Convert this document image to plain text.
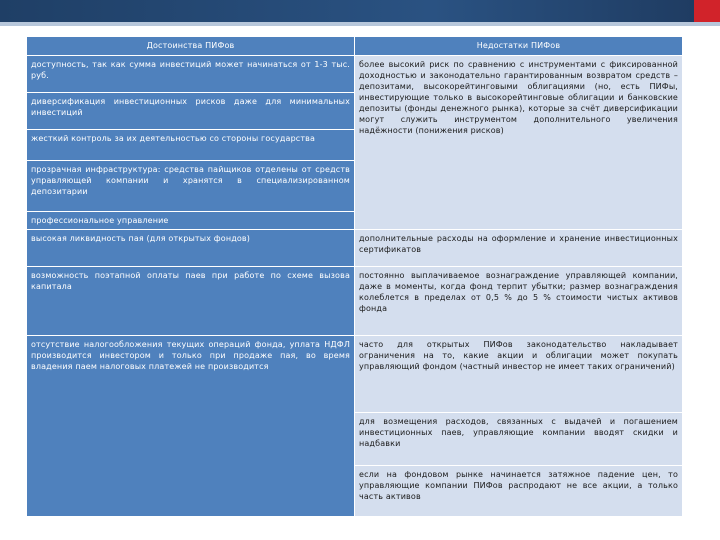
Достоинства ПИФов	Недостатки ПИФов
доступность, так как сумма инвестиций может начинаться от 1-3 тыс. руб.	более высокий риск по сравнению с инструментами с фиксированной доходностью и законодательно гарантированным возвратом средств – депозитами, высокорейтинговыми облигациями (но, есть ПИФы, инвестирующие только в высокорейтинговые облигации и банковские депозиты (фонды денежного рынка), которые за счёт диверсификации могут служить инструментом дополнительного увеличения надёжности (понижения рисков)
диверсификация инвестиционных рисков даже для минимальных инвестиций	
жесткий контроль за их деятельностью со стороны государства	
прозрачная инфраструктура: средства пайщиков отделены от средств управляющей компании и хранятся в специализированном депозитарии	
профессиональное управление	
высокая ликвидность пая (для открытых фондов)	дополнительные расходы на оформление и хранение инвестиционных сертификатов
возможность поэтапной оплаты паев при работе по схеме вызова капитала	постоянно выплачиваемое вознаграждение управляющей компании, даже в моменты, когда фонд терпит убытки; размер вознаграждения колеблется в пределах от 0,5 % до 5 % стоимости чистых активов фонда
отсутствие налогообложения текущих операций фонда, уплата НДФЛ производится инвестором и только при продаже пая, во время владения паем налоговых платежей не производится	часто для открытых ПИФов законодательство накладывает ограничения на то, какие акции и облигации может покупать управляющий фондом (частный инвестор не имеет таких ограничений)
	для возмещения расходов, связанных с выдачей и погашением инвестиционных паев, управляющие компании вводят скидки и надбавки
	если на фондовом рынке начинается затяжное падение цен, то управляющие компании ПИФов распродают не все акции, а только часть активов
